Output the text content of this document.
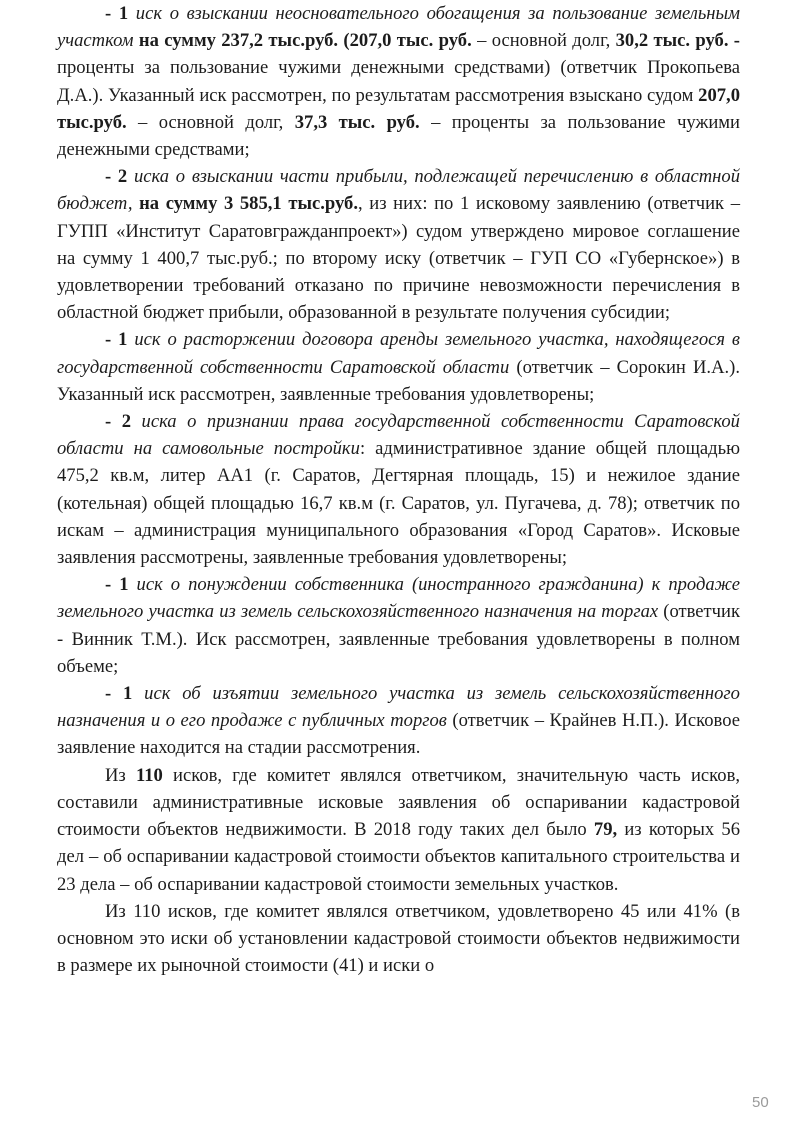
- 1 иск о взыскании неосновательного обогащения за пользование земельным участком на сумму 237,2 тыс.руб. (207,0 тыс. руб. – основной долг, 30,2 тыс. руб. - проценты за пользование чужими денежными средствами) (ответчик Прокопьева Д.А.). Указанный иск рассмотрен, по результатам рассмотрения взыскано судом 207,0 тыс.руб. – основной долг, 37,3 тыс. руб. – проценты за пользование чужими денежными средствами;

- 2 иска о взыскании части прибыли, подлежащей перечислению в областной бюджет, на сумму 3 585,1 тыс.руб., из них: по 1 исковому заявлению (ответчик – ГУПП «Институт Саратовгражданпроект») судом утверждено мировое соглашение на сумму 1 400,7 тыс.руб.; по второму иску (ответчик – ГУП СО «Губернское») в удовлетворении требований отказано по причине невозможности перечисления в областной бюджет прибыли, образованной в результате получения субсидии;

- 1 иск о расторжении договора аренды земельного участка, находящегося в государственной собственности Саратовской области (ответчик – Сорокин И.А.). Указанный иск рассмотрен, заявленные требования удовлетворены;

- 2 иска о признании права государственной собственности Саратовской области на самовольные постройки: административное здание общей площадью 475,2 кв.м, литер АА1 (г. Саратов, Дегтярная площадь, 15) и нежилое здание (котельная) общей площадью 16,7 кв.м (г. Саратов, ул. Пугачева, д. 78); ответчик по искам – администрация муниципального образования «Город Саратов». Исковые заявления рассмотрены, заявленные требования удовлетворены;

- 1 иск о понуждении собственника (иностранного гражданина) к продаже земельного участка из земель сельскохозяйственного назначения на торгах (ответчик - Винник Т.М.). Иск рассмотрен, заявленные требования удовлетворены в полном объеме;

- 1 иск об изъятии земельного участка из земель сельскохозяйственного назначения и о его продаже с публичных торгов (ответчик – Крайнев Н.П.). Исковое заявление находится на стадии рассмотрения.

Из 110 исков, где комитет являлся ответчиком, значительную часть исков, составили административные исковые заявления об оспаривании кадастровой стоимости объектов недвижимости. В 2018 году таких дел было 79, из которых 56 дел – об оспаривании кадастровой стоимости объектов капитального строительства и 23 дела – об оспаривании кадастровой стоимости земельных участков.

Из 110 исков, где комитет являлся ответчиком, удовлетворено 45 или 41% (в основном это иски об установлении кадастровой стоимости объектов недвижимости в размере их рыночной стоимости (41) и иски о

50
